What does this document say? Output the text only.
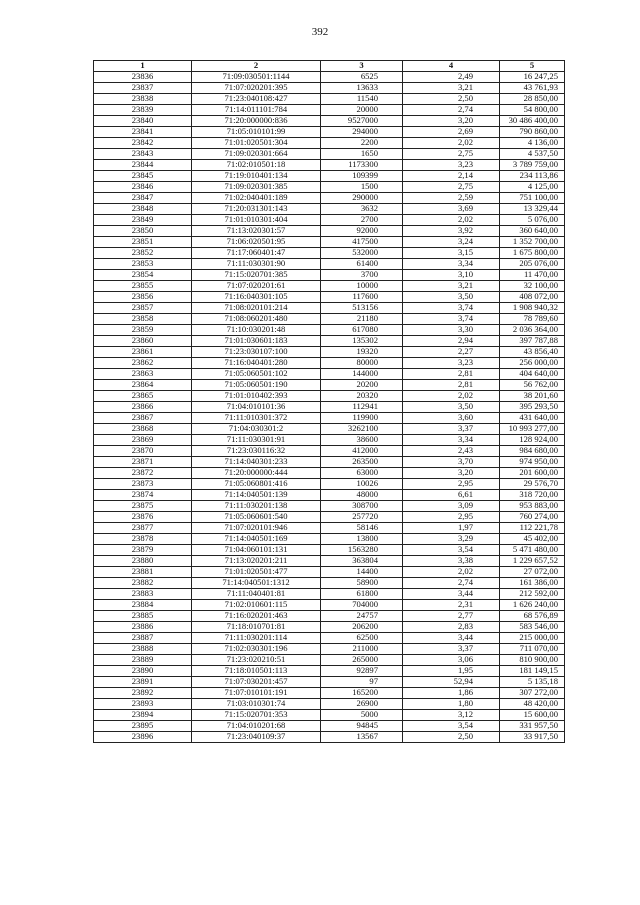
392
1	2	3	4	5
23836	71:09:030501:1144	6525	2,49	16 247,25
23837	71:07:020201:395	13633	3,21	43 761,93
23838	71:23:040108:427	11540	2,50	28 850,00
23839	71:14:011101:784	20000	2,74	54 800,00
23840	71:20:000000:836	9527000	3,20	30 486 400,00
23841	71:05:010101:99	294000	2,69	790 860,00
23842	71:01:020501:304	2200	2,02	4 136,00
23843	71:09:020301:664	1650	2,75	4 537,50
23844	71:02:010501:18	1173300	3,23	3 789 759,00
23845	71:19:010401:134	109399	2,14	234 113,86
23846	71:09:020301:385	1500	2,75	4 125,00
23847	71:02:040401:189	290000	2,59	751 100,00
23848	71:20:031301:143	3632	3,69	13 329,44
23849	71:01:010301:404	2700	2,02	5 076,00
23850	71:13:020301:57	92000	3,92	360 640,00
23851	71:06:020501:95	417500	3,24	1 352 700,00
23852	71:17:060401:47	532000	3,15	1 675 800,00
23853	71:11:030301:90	61400	3,34	205 076,00
23854	71:15:020701:385	3700	3,10	11 470,00
23855	71:07:020201:61	10000	3,21	32 100,00
23856	71:16:040301:105	117600	3,50	408 072,00
23857	71:08:020101:214	513156	3,74	1 908 940,32
23858	71:08:060201:480	21180	3,74	78 789,60
23859	71:10:030201:48	617080	3,30	2 036 364,00
23860	71:01:030601:183	135302	2,94	397 787,88
23861	71:23:030107:100	19320	2,27	43 856,40
23862	71:16:040401:280	80000	3,23	256 000,00
23863	71:05:060501:102	144000	2,81	404 640,00
23864	71:05:060501:190	20200	2,81	56 762,00
23865	71:01:010402:393	20320	2,02	38 201,60
23866	71:04:010101:36	112941	3,50	395 293,50
23867	71:11:010301:372	119900	3,60	431 640,00
23868	71:04:030301:2	3262100	3,37	10 993 277,00
23869	71:11:030301:91	38600	3,34	128 924,00
23870	71:23:030116:32	412000	2,43	984 680,00
23871	71:14:040301:233	263500	3,70	974 950,00
23872	71:20:000000:444	63000	3,20	201 600,00
23873	71:05:060801:416	10026	2,95	29 576,70
23874	71:14:040501:139	48000	6,61	318 720,00
23875	71:11:030201:138	308700	3,09	953 883,00
23876	71:05:060601:540	257720	2,95	760 274,00
23877	71:07:020101:946	58146	1,97	112 221,78
23878	71:14:040501:169	13800	3,29	45 402,00
23879	71:04:060101:131	1563280	3,54	5 471 480,00
23880	71:13:020201:211	363804	3,38	1 229 657,52
23881	71:01:020501:477	14400	2,02	27 072,00
23882	71:14:040501:1312	58900	2,74	161 386,00
23883	71:11:040401:81	61800	3,44	212 592,00
23884	71:02:010601:115	704000	2,31	1 626 240,00
23885	71:16:020201:463	24757	2,77	68 576,89
23886	71:18:010701:81	206200	2,83	583 546,00
23887	71:11:030201:114	62500	3,44	215 000,00
23888	71:02:030301:196	211000	3,37	711 070,00
23889	71:23:020210:51	265000	3,06	810 900,00
23890	71:18:010501:113	92897	1,95	181 149,15
23891	71:07:030201:457	97	52,94	5 135,18
23892	71:07:010101:191	165200	1,86	307 272,00
23893	71:03:010301:74	26900	1,80	48 420,00
23894	71:15:020701:353	5000	3,12	15 600,00
23895	71:04:010201:68	94845	3,54	331 957,50
23896	71:23:040109:37	13567	2,50	33 917,50
